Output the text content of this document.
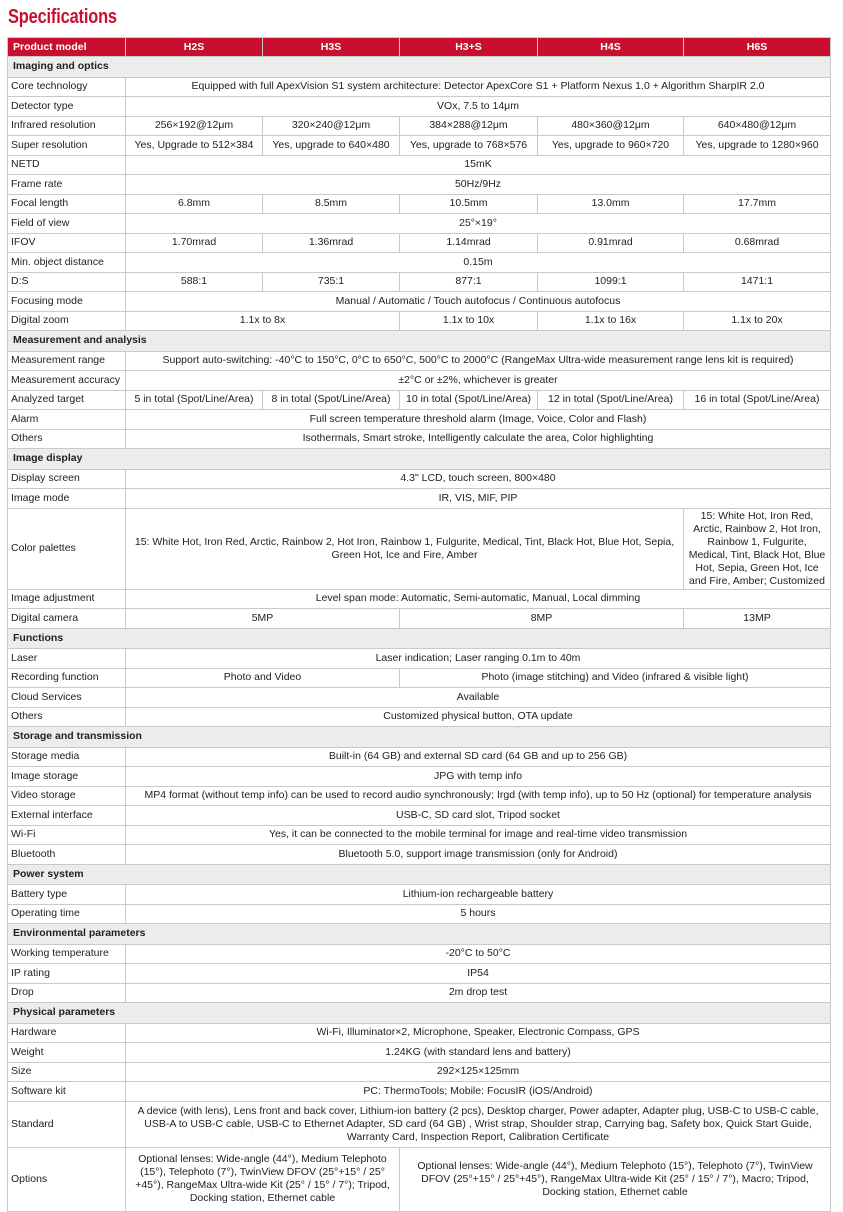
Specifications
Product model	H2S	H3S	H3+S	H4S	H6S
Imaging and optics					
Core technology	Equipped with full ApexVision S1 system architecture: Detector ApexCore S1 + Platform Nexus 1.0 + Algorithm SharpIR 2.0				
Detector type	VOx, 7.5 to 14μm				
Infrared resolution	256×192@12μm	320×240@12μm	384×288@12μm	480×360@12μm	640×480@12μm
Super resolution	Yes, Upgrade to 512×384	Yes, upgrade to 640×480	Yes, upgrade to 768×576	Yes, upgrade to 960×720	Yes, upgrade to 1280×960
NETD	15mK				
Frame rate	50Hz/9Hz				
Focal length	6.8mm	8.5mm	10.5mm	13.0mm	17.7mm
Field of view	25°×19°				
IFOV	1.70mrad	1.36mrad	1.14mrad	0.91mrad	0.68mrad
Min. object distance	0.15m				
D:S	588:1	735:1	877:1	1099:1	1471:1
Focusing mode	Manual / Automatic / Touch autofocus / Continuous autofocus				
Digital zoom	1.1x to 8x		1.1x to 10x	1.1x to 16x	1.1x to 20x
Measurement and analysis					
Measurement range	Support auto-switching: -40°C to 150°C, 0°C to 650°C, 500°C to 2000°C (RangeMax Ultra-wide measurement range lens kit is required)				
Measurement accuracy	±2°C or ±2%, whichever is greater				
Analyzed target	5 in total (Spot/Line/Area)	8 in total (Spot/Line/Area)	10 in total (Spot/Line/Area)	12 in total (Spot/Line/Area)	16 in total (Spot/Line/Area)
Alarm	Full screen temperature threshold alarm (Image, Voice, Color and Flash)				
Others	Isothermals, Smart stroke, Intelligently calculate the area, Color highlighting				
Image display					
Display screen	4.3" LCD, touch screen, 800×480				
Image mode	IR, VIS, MIF, PIP				
Color palettes	15: White Hot, Iron Red, Arctic, Rainbow 2, Hot Iron, Rainbow 1, Fulgurite, Medical, Tint, Black Hot, Blue Hot, Sepia, Green Hot, Ice and Fire, Amber				15: White Hot, Iron Red, Arctic, Rainbow 2, Hot Iron, Rainbow 1, Fulgurite, Medical, Tint, Black Hot, Blue Hot, Sepia, Green Hot, Ice and Fire, Amber; Customized
Image adjustment	Level span mode: Automatic, Semi-automatic, Manual, Local dimming				
Digital camera	5MP		8MP		13MP
Functions					
Laser	Laser indication; Laser ranging 0.1m to 40m				
Recording function	Photo and Video		Photo (image stitching) and Video (infrared & visible light)		
Cloud Services	Available				
Others	Customized physical button, OTA update				
Storage and transmission					
Storage media	Built-in (64 GB) and external SD card (64 GB and up to 256 GB)				
Image storage	JPG with temp info				
Video storage	MP4 format (without temp info) can be used to record audio synchronously; Irgd (with temp info), up to 50 Hz (optional) for temperature analysis				
External interface	USB-C, SD card slot, Tripod socket				
Wi-Fi	Yes, it can be connected to the mobile terminal for image and real-time video transmission				
Bluetooth	Bluetooth 5.0, support image transmission (only for Android)				
Power system					
Battery type	Lithium-ion rechargeable battery				
Operating time	5 hours				
Environmental parameters					
Working temperature	-20°C to 50°C				
IP rating	IP54				
Drop	2m drop test				
Physical parameters					
Hardware	Wi-Fi, Illuminator×2, Microphone, Speaker, Electronic Compass, GPS				
Weight	1.24KG (with standard lens and battery)				
Size	292×125×125mm				
Software kit	PC: ThermoTools; Mobile: FocusIR (iOS/Android)				
Standard	A device (with lens), Lens front and back cover, Lithium-ion battery (2 pcs), Desktop charger, Power adapter, Adapter plug, USB-C to USB-C cable, USB-A to USB-C cable, USB-C to Ethernet Adapter, SD card (64 GB) , Wrist strap, Shoulder strap, Carrying bag, Safety box, Quick Start Guide, Warranty Card, Inspection Report, Calibration Certificate				
Options	Optional lenses: Wide-angle (44°), Medium Telephoto (15°), Telephoto (7°), TwinView DFOV (25°+15° / 25°+45°), RangeMax Ultra-wide Kit (25° / 15° / 7°); Tripod, Docking station, Ethernet cable		Optional lenses: Wide-angle (44°), Medium Telephoto (15°), Telephoto (7°), TwinView DFOV (25°+15° / 25°+45°), RangeMax Ultra-wide Kit (25° / 15° / 7°), Macro; Tripod, Docking station, Ethernet cable		
